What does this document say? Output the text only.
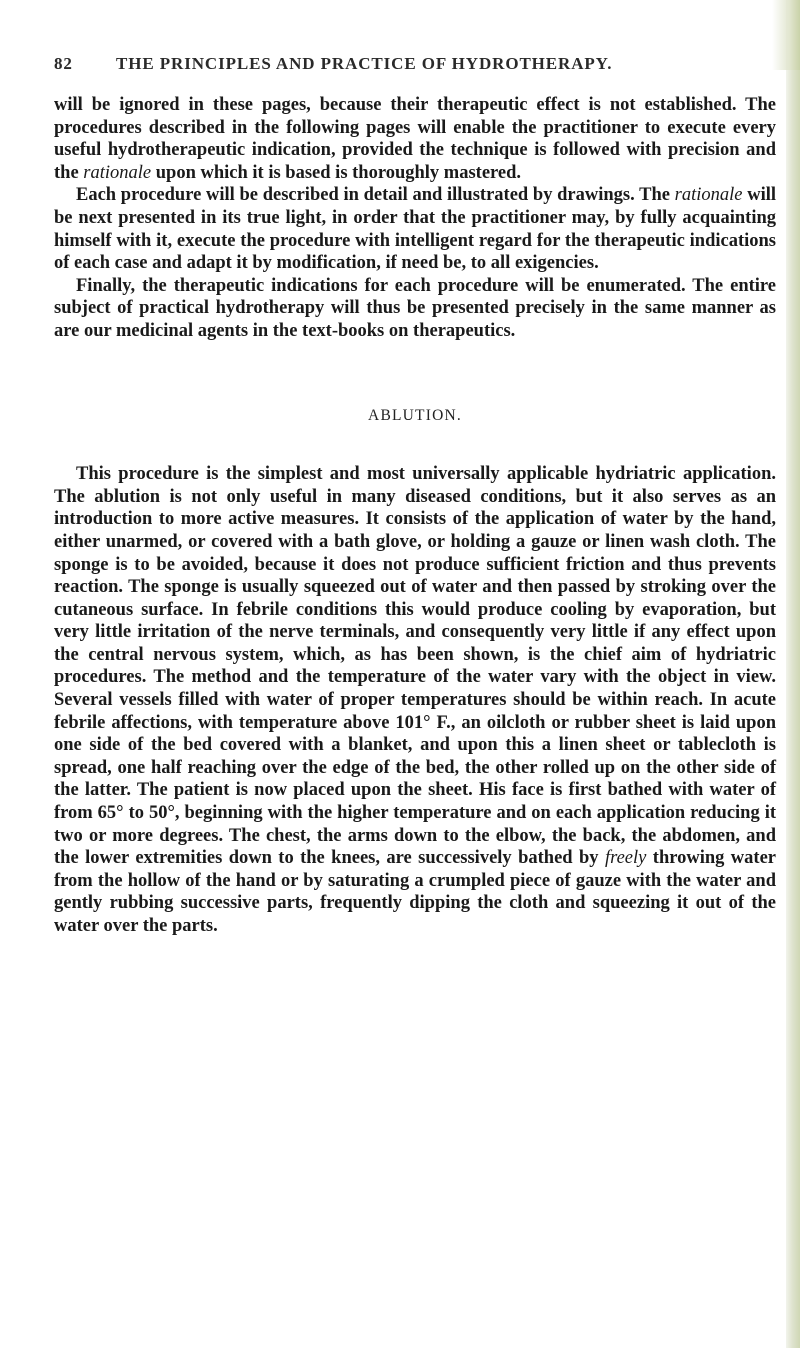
82	THE PRINCIPLES AND PRACTICE OF HYDROTHERAPY.

will be ignored in these pages, because their therapeutic effect is not established. The procedures described in the following pages will enable the practitioner to execute every useful hydrotherapeutic indication, provided the technique is followed with precision and the rationale upon which it is based is thoroughly mastered.

Each procedure will be described in detail and illustrated by drawings. The rationale will be next presented in its true light, in order that the practitioner may, by fully acquainting himself with it, execute the procedure with intelligent regard for the therapeutic indications of each case and adapt it by modification, if need be, to all exigencies.

Finally, the therapeutic indications for each procedure will be enumerated. The entire subject of practical hydrotherapy will thus be presented precisely in the same manner as are our medicinal agents in the text-books on therapeutics.

ABLUTION.

This procedure is the simplest and most universally applicable hydriatric application. The ablution is not only useful in many diseased conditions, but it also serves as an introduction to more active measures. It consists of the application of water by the hand, either unarmed, or covered with a bath glove, or holding a gauze or linen wash cloth. The sponge is to be avoided, because it does not produce sufficient friction and thus prevents reaction. The sponge is usually squeezed out of water and then passed by stroking over the cutaneous surface. In febrile conditions this would produce cooling by evaporation, but very little irritation of the nerve terminals, and consequently very little if any effect upon the central nervous system, which, as has been shown, is the chief aim of hydriatric procedures. The method and the temperature of the water vary with the object in view. Several vessels filled with water of proper temperatures should be within reach. In acute febrile affections, with temperature above 101° F., an oilcloth or rubber sheet is laid upon one side of the bed covered with a blanket, and upon this a linen sheet or tablecloth is spread, one half reaching over the edge of the bed, the other rolled up on the other side of the latter. The patient is now placed upon the sheet. His face is first bathed with water of from 65° to 50°, beginning with the higher temperature and on each application reducing it two or more degrees. The chest, the arms down to the elbow, the back, the abdomen, and the lower extremities down to the knees, are successively bathed by freely throwing water from the hollow of the hand or by saturating a crumpled piece of gauze with the water and gently rubbing successive parts, frequently dipping the cloth and squeezing it out of the water over the parts.
